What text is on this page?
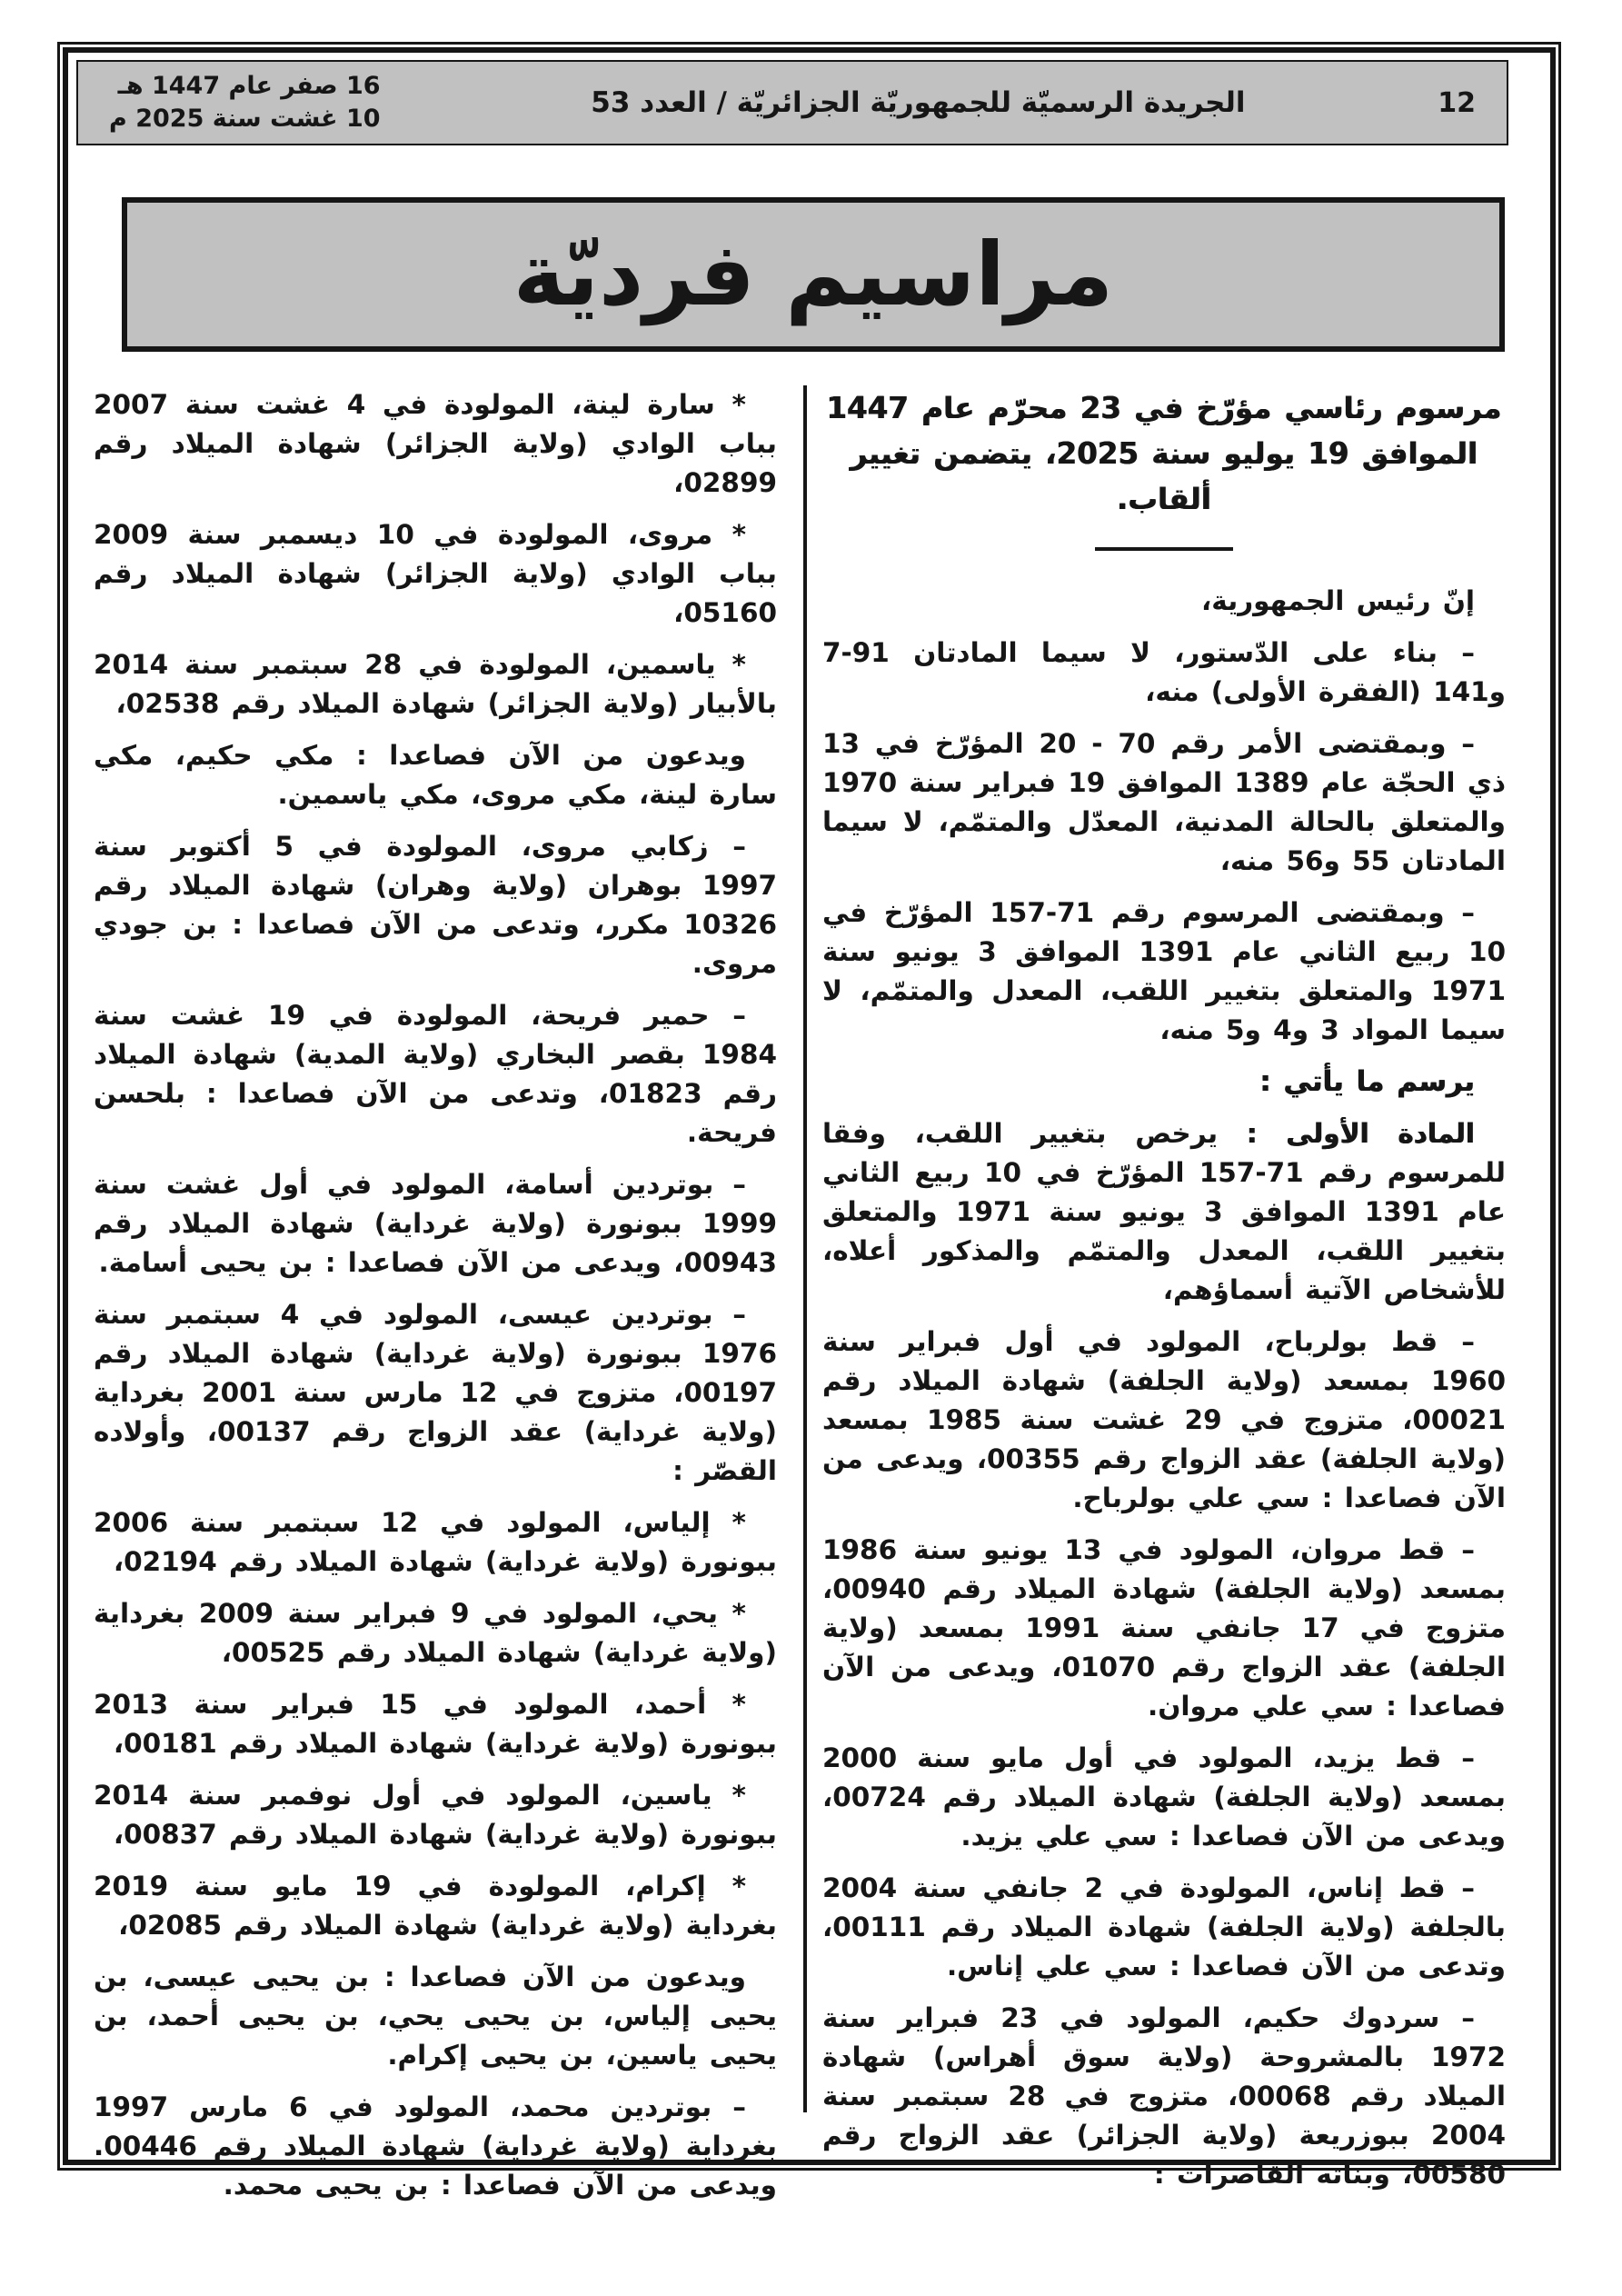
16 صفر عام 1447 هـ
10 غشت سنة 2025 م	الجريدة الرسميّة للجمهوريّة الجزائريّة / العدد 53	12
مراسيم فرديّة

مرسوم رئاسي مؤرّخ في 23 محرّم عام 1447 الموافق 19 يوليو سنة 2025، يتضمن تغيير ألقاب.

إنّ رئيس الجمهورية،

– بناء على الدّستور، لا سيما المادتان 91‏-‏7 و141 (الفقرة الأولى) منه،

– وبمقتضى الأمر رقم 70 ‏- ‏20 المؤرّخ في 13 ذي الحجّة عام 1389 الموافق 19 فبراير سنة 1970 والمتعلق بالحالة المدنية، المعدّل والمتمّم، لا سيما المادتان 55 و56 منه،

– وبمقتضى المرسوم رقم 71‏-‏157 المؤرّخ في 10 ربيع الثاني عام 1391 الموافق 3 يونيو سنة 1971 والمتعلق بتغيير اللقب، المعدل والمتمّم، لا سيما المواد 3 و4 و5 منه،

يرسم ما يأتي :

المادة الأولى : يرخص بتغيير اللقب، وفقا للمرسوم رقم 71‏-‏157 المؤرّخ في 10 ربيع الثاني عام 1391 الموافق 3 يونيو سنة 1971 والمتعلق بتغيير اللقب، المعدل والمتمّم والمذكور أعلاه، للأشخاص الآتية أسماؤهم،

– قط بولرباح، المولود في أول فبراير سنة 1960 بمسعد (ولاية الجلفة) شهادة الميلاد رقم 00021، متزوج في 29 غشت سنة 1985 بمسعد (ولاية الجلفة) عقد الزواج رقم 00355، ويدعى من الآن فصاعدا : سي علي بولرباح.

– قط مروان، المولود في 13 يونيو سنة 1986 بمسعد (ولاية الجلفة) شهادة الميلاد رقم 00940، متزوج في 17 جانفي سنة 1991 بمسعد (ولاية الجلفة) عقد الزواج رقم 01070، ويدعى من الآن فصاعدا : سي علي مروان.

– قط يزيد، المولود في أول مايو سنة 2000 بمسعد (ولاية الجلفة) شهادة الميلاد رقم 00724، ويدعى من الآن فصاعدا : سي علي يزيد.

– قط إناس، المولودة في 2 جانفي سنة 2004 بالجلفة (ولاية الجلفة) شهادة الميلاد رقم 00111، وتدعى من الآن فصاعدا : سي علي إناس.

– سردوك حكيم، المولود في 23 فبراير سنة 1972 بالمشروحة (ولاية سوق أهراس) شهادة الميلاد رقم 00068، متزوج في 28 سبتمبر سنة 2004 ببوزريعة (ولاية الجزائر) عقد الزواج رقم 00580، وبناته القاصرات :

* سارة لينة، المولودة في 4 غشت سنة 2007 بباب الوادي (ولاية الجزائر) شهادة الميلاد رقم 02899،

* مروى، المولودة في 10 ديسمبر سنة 2009 بباب الوادي (ولاية الجزائر) شهادة الميلاد رقم 05160،

* ياسمين، المولودة في 28 سبتمبر سنة 2014 بالأبيار (ولاية الجزائر) شهادة الميلاد رقم 02538،

ويدعون من الآن فصاعدا : مكي حكيم، مكي سارة لينة، مكي مروى، مكي ياسمين.

– زكابي مروى، المولودة في 5 أكتوبر سنة 1997 بوهران (ولاية وهران) شهادة الميلاد رقم 10326 مكرر، وتدعى من الآن فصاعدا : بن جودي مروى.

– حمير فريحة، المولودة في 19 غشت سنة 1984 بقصر البخاري (ولاية المدية) شهادة الميلاد رقم 01823، وتدعى من الآن فصاعدا : بلحسن فريحة.

– بوتردين أسامة، المولود في أول غشت سنة 1999 ببونورة (ولاية غرداية) شهادة الميلاد رقم 00943، ويدعى من الآن فصاعدا : بن يحيى أسامة.

– بوتردين عيسى، المولود في 4 سبتمبر سنة 1976 ببونورة (ولاية غرداية) شهادة الميلاد رقم 00197، متزوج في 12 مارس سنة 2001 بغرداية (ولاية غرداية) عقد الزواج رقم 00137، وأولاده القصّر :

* إلياس، المولود في 12 سبتمبر سنة 2006 ببونورة (ولاية غرداية) شهادة الميلاد رقم 02194،

* يحي، المولود في 9 فبراير سنة 2009 بغرداية (ولاية غرداية) شهادة الميلاد رقم 00525،

* أحمد، المولود في 15 فبراير سنة 2013 ببونورة (ولاية غرداية) شهادة الميلاد رقم 00181،

* ياسين، المولود في أول نوفمبر سنة 2014 ببونورة (ولاية غرداية) شهادة الميلاد رقم 00837،

* إكرام، المولودة في 19 مايو سنة 2019 بغرداية (ولاية غرداية) شهادة الميلاد رقم 02085،

ويدعون من الآن فصاعدا : بن يحيى عيسى، بن يحيى إلياس، بن يحيى يحي، بن يحيى أحمد، بن يحيى ياسين، بن يحيى إكرام.

– بوتردين محمد، المولود في 6 مارس 1997 بغرداية (ولاية غرداية) شهادة الميلاد رقم 00446. ويدعى من الآن فصاعدا : بن يحيى محمد.
